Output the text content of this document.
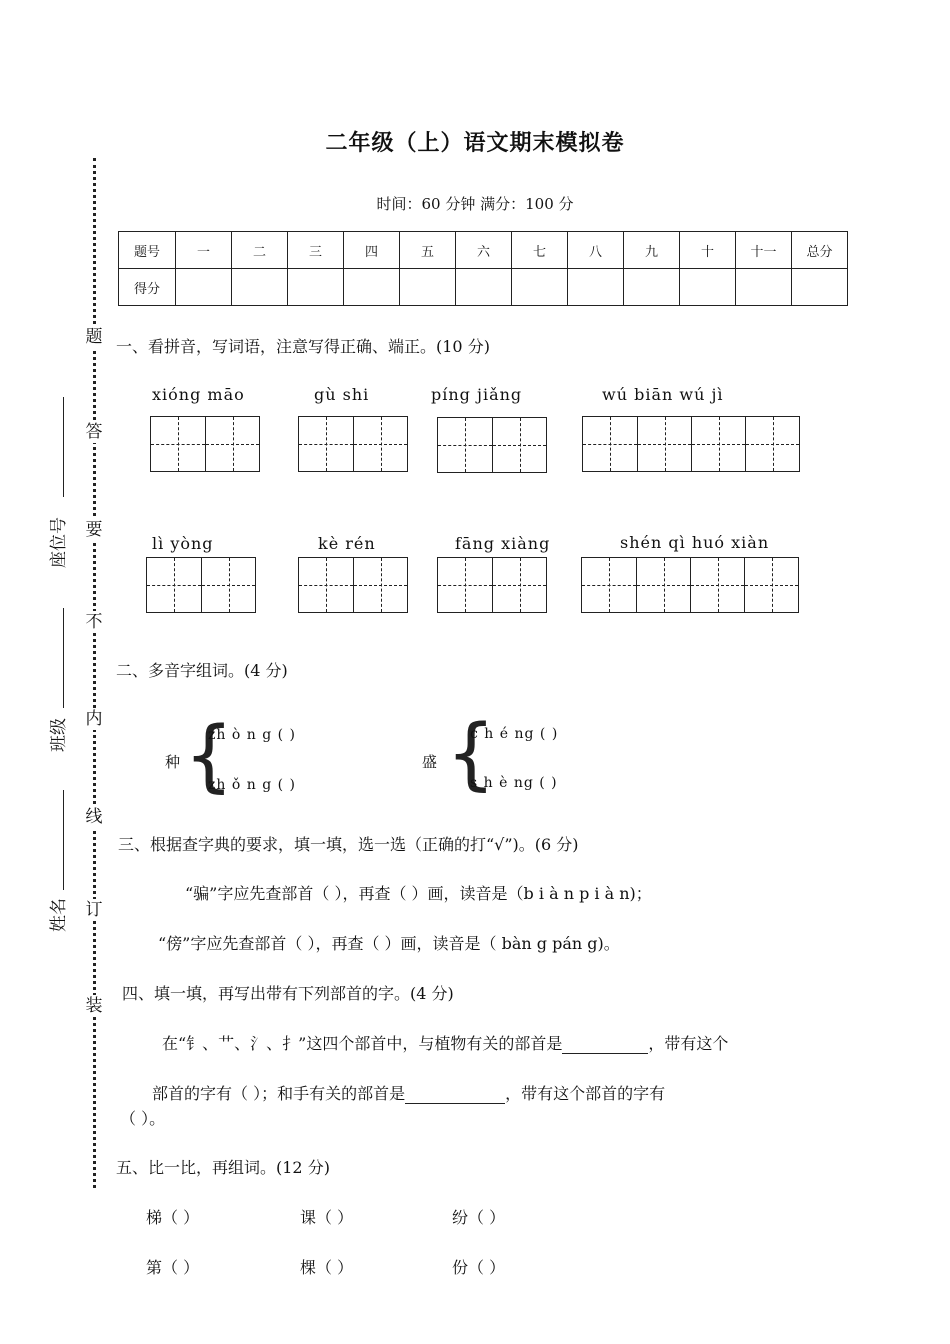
二年级（上）语文期末模拟卷
时间：60 分钟 满分：100 分
题
答
要
不
内
线
订
装
座位号
班级
姓名
题号	一	二	三	四	五	六	七	八	九	十	十一	总分
得分												
一、看拼音，写词语，注意写得正确、端正。(10 分)
xióng māo	gù shi	píng jiǎng	wú biān wú jì
lì yòng	kè rén	fāng xiàng	shén qì huó xiàn
二、多音字组词。(4 分)
种 {
zh ò n g ( )
zh ǒ n g ( )
盛 {
c h é ng ( )
s h è ng ( )
三、根据查字典的要求，填一填，选一选（正确的打“√”)。(6 分)
“骗”字应先查部首（ ），再查（ ）画，读音是（b i à n p i à n)；
“傍”字应先查部首（ ），再查（ ）画，读音是（ bàn g pán g)。
四、填一填，再写出带有下列部首的字。(4 分)
在“钅、艹、氵、扌”这四个部首中，与植物有关的部首是	，带有这个
部首的字有（ ）；和手有关的部首是	，带有这个部首的字有
（ ）。
五、比一比，再组词。(12 分)
梯（ ）	课（ ）	纷（ ）
第（ ）	棵（ ）	份（ ）
